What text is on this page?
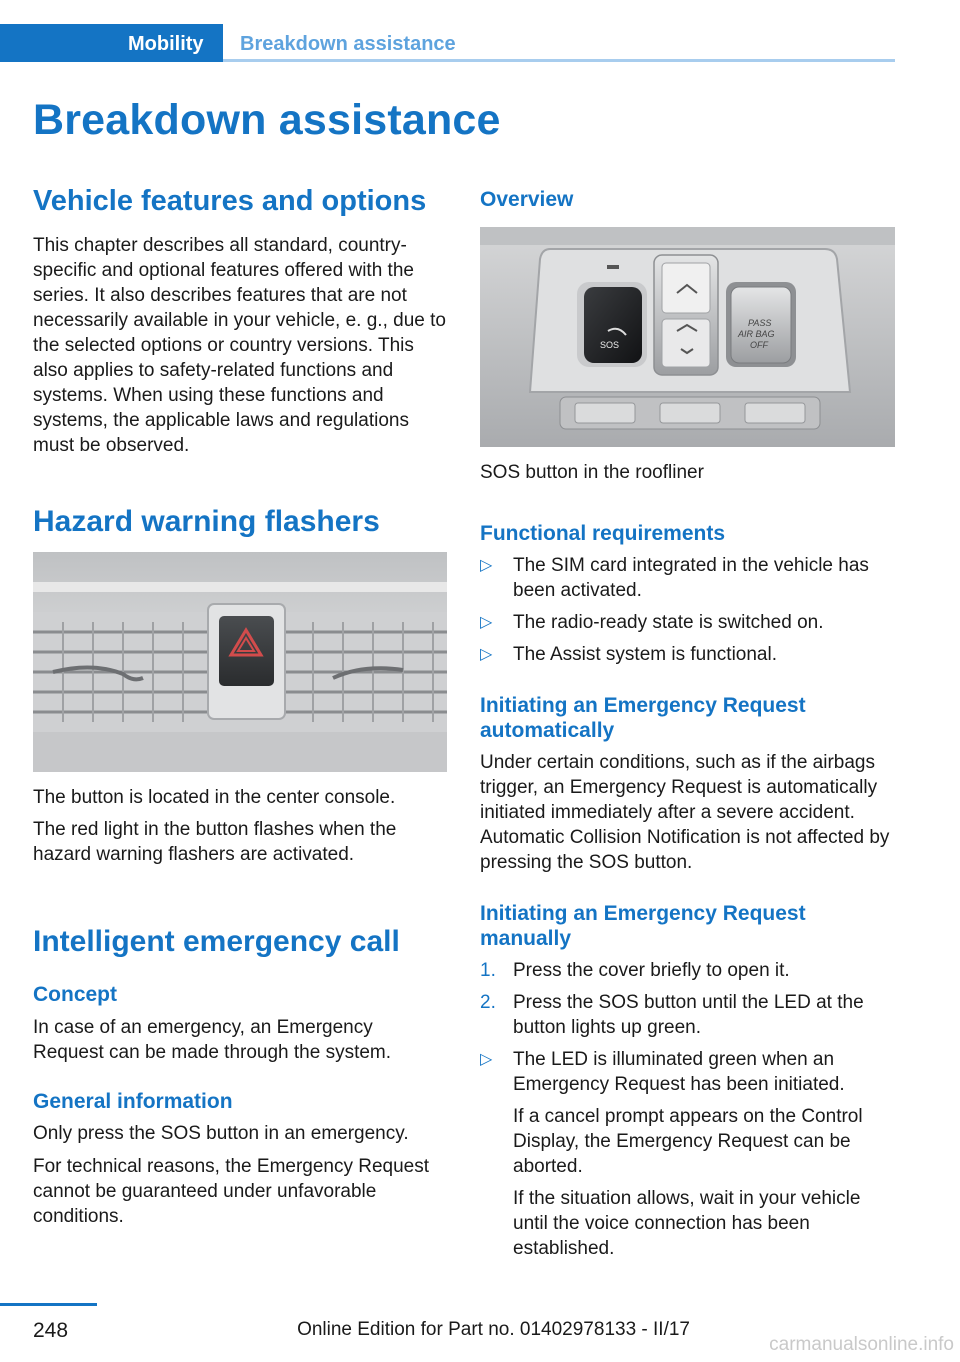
Mobility	Breakdown assistance
Breakdown assistance
Vehicle features and options
This chapter describes all standard, country-specific and optional features offered with the series. It also describes features that are not necessarily available in your vehicle, e. g., due to the selected options or country versions. This also applies to safety-related functions and systems. When using these functions and systems, the applicable laws and regulations must be observed.
Hazard warning flashers
The button is located in the center console.
The red light in the button flashes when the hazard warning flashers are activated.
Intelligent emergency call
Concept
In case of an emergency, an Emergency Request can be made through the system.
General information
Only press the SOS button in an emergency.
For technical reasons, the Emergency Request cannot be guaranteed under unfavorable conditions.
Overview
SOS
PASS
AIR BAG
OFF
SOS button in the roofliner
Functional requirements
▷ The SIM card integrated in the vehicle has been activated.
▷ The radio-ready state is switched on.
▷ The Assist system is functional.
Initiating an Emergency Request automatically
Under certain conditions, such as if the airbags trigger, an Emergency Request is automatically initiated immediately after a severe accident. Automatic Collision Notification is not affected by pressing the SOS button.
Initiating an Emergency Request manually
1. Press the cover briefly to open it.
2. Press the SOS button until the LED at the button lights up green.
▷ The LED is illuminated green when an Emergency Request has been initiated.
If a cancel prompt appears on the Control Display, the Emergency Request can be aborted.
If the situation allows, wait in your vehicle until the voice connection has been established.
248	Online Edition for Part no. 01402978133 - II/17
carmanualsonline.info
